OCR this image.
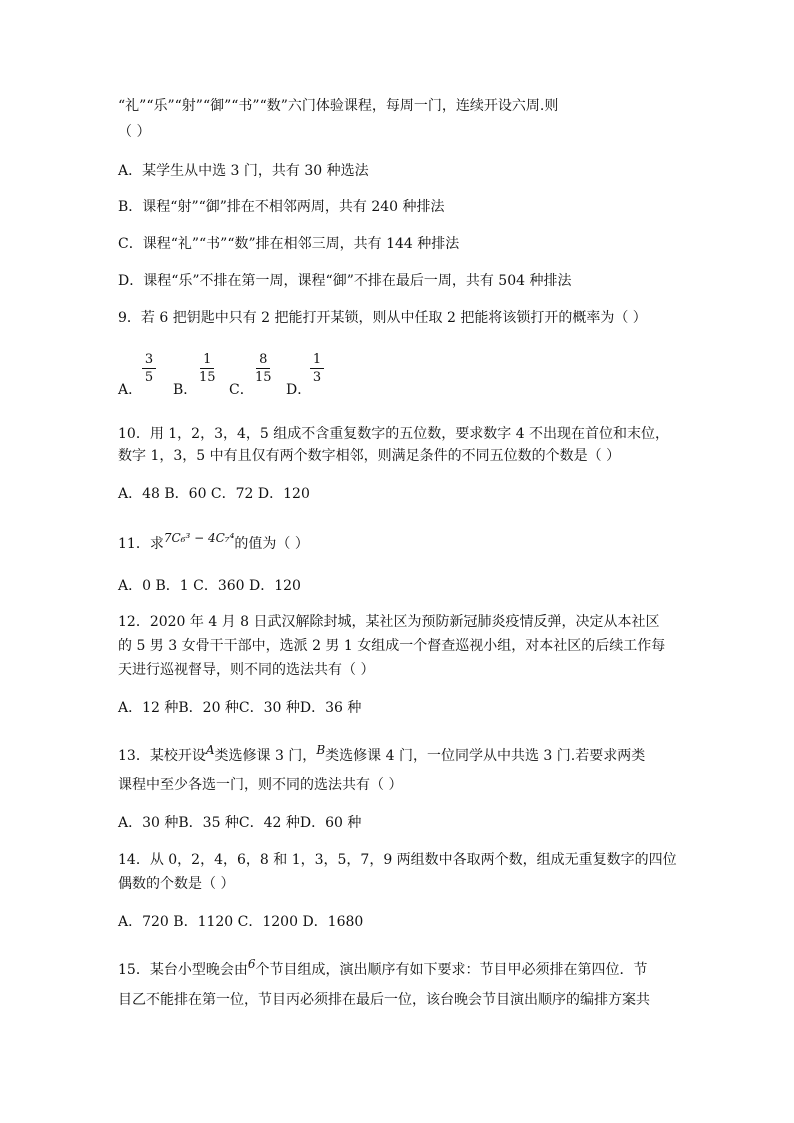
“礼”“乐”“射”“御”“书”“数”六门体验课程，每周一门，连续开设六周.则
（ ）
A．某学生从中选 3 门，共有 30 种选法
B．课程“射”“御”排在不相邻两周，共有 240 种排法
C．课程“礼”“书”“数”排在相邻三周，共有 144 种排法
D．课程“乐”不排在第一周，课程“御”不排在最后一周，共有 504 种排法
9．若 6 把钥匙中只有 2 把能打开某锁，则从中任取 2 把能将该锁打开的概率为（ ）
A．
3
5
B．
1
15
C．
8
15
D．
1
3
10．用 1，2，3，4，5 组成不含重复数字的五位数，要求数字 4 不出现在首位和末位，
数字 1，3，5 中有且仅有两个数字相邻，则满足条件的不同五位数的个数是（ ）
A．48 B．60 C．72 D．120
11．求7C₆³ − 4C₇⁴的值为（ ）
A．0 B．1 C．360 D．120
12．2020 年 4 月 8 日武汉解除封城，某社区为预防新冠肺炎疫情反弹，决定从本社区
的 5 男 3 女骨干干部中，选派 2 男 1 女组成一个督查巡视小组，对本社区的后续工作每
天进行巡视督导，则不同的选法共有（ ）
A．12 种B．20 种C．30 种D．36 种
13．某校开设A类选修课 3 门，B类选修课 4 门，一位同学从中共选 3 门.若要求两类
课程中至少各选一门，则不同的选法共有（ ）
A．30 种B．35 种C．42 种D．60 种
14．从 0，2，4，6，8 和 1，3，5，7，9 两组数中各取两个数，组成无重复数字的四位
偶数的个数是（ ）
A．720 B．1120 C．1200 D．1680
15．某台小型晚会由6个节目组成，演出顺序有如下要求：节目甲必须排在第四位．节
目乙不能排在第一位，节目丙必须排在最后一位，该台晚会节目演出顺序的编排方案共
